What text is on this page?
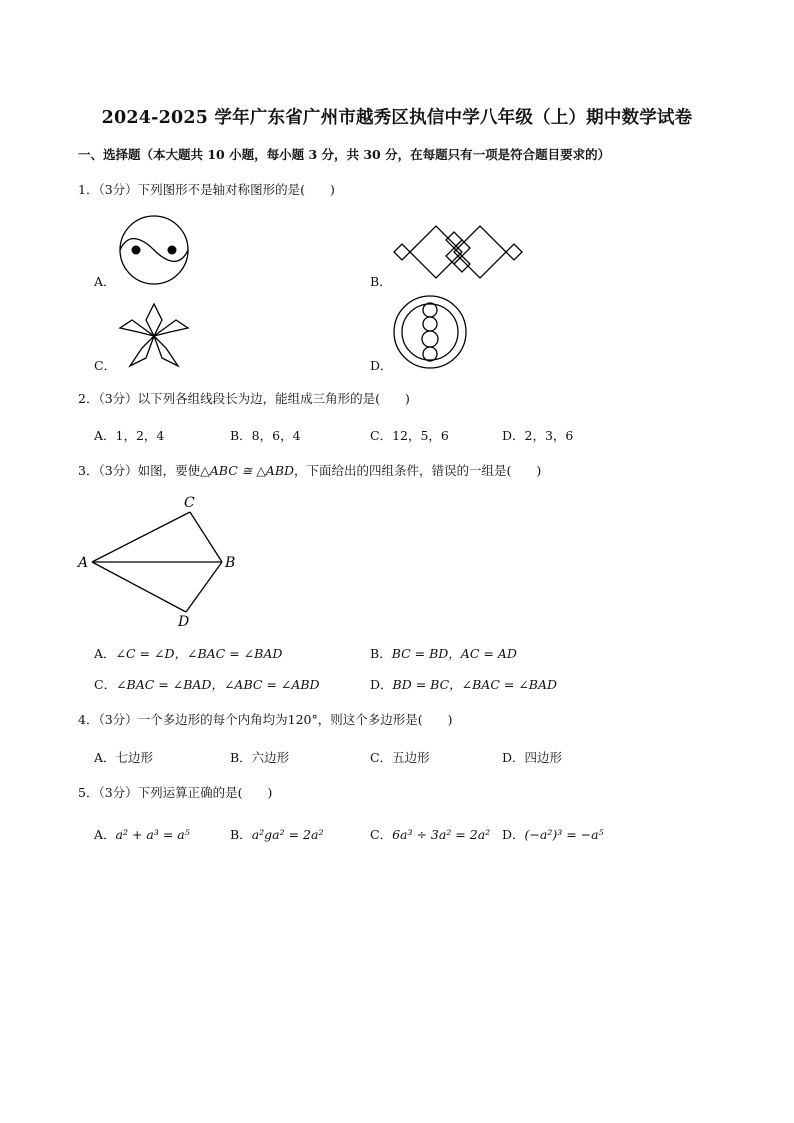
2024-2025 学年广东省广州市越秀区执信中学八年级（上）期中数学试卷
一、选择题（本大题共 10 小题，每小题 3 分，共 30 分，在每题只有一项是符合题目要求的）
1．（3分）下列图形不是轴对称图形的是(　　)
A．	B．
C．	D．
2．（3分）以下列各组线段长为边，能组成三角形的是(　　)
A．1，2，4	B．8，6，4	C．12，5，6	D．2，3，6
3．（3分）如图，要使△ABC ≅ △ABD，下面给出的四组条件，错误的一组是(　　)
C
A	B
D
A．∠C = ∠D，∠BAC = ∠BAD	B．BC = BD，AC = AD
C．∠BAC = ∠BAD，∠ABC = ∠ABD	D．BD = BC，∠BAC = ∠BAD
4．（3分）一个多边形的每个内角均为120°，则这个多边形是(　　)
A．七边形	B．六边形	C．五边形	D．四边形
5．（3分）下列运算正确的是(　　)
A．a² + a³ = a⁵	B．a²ga² = 2a²	C．6a³ ÷ 3a² = 2a² D．(−a²)³ = −a⁵
